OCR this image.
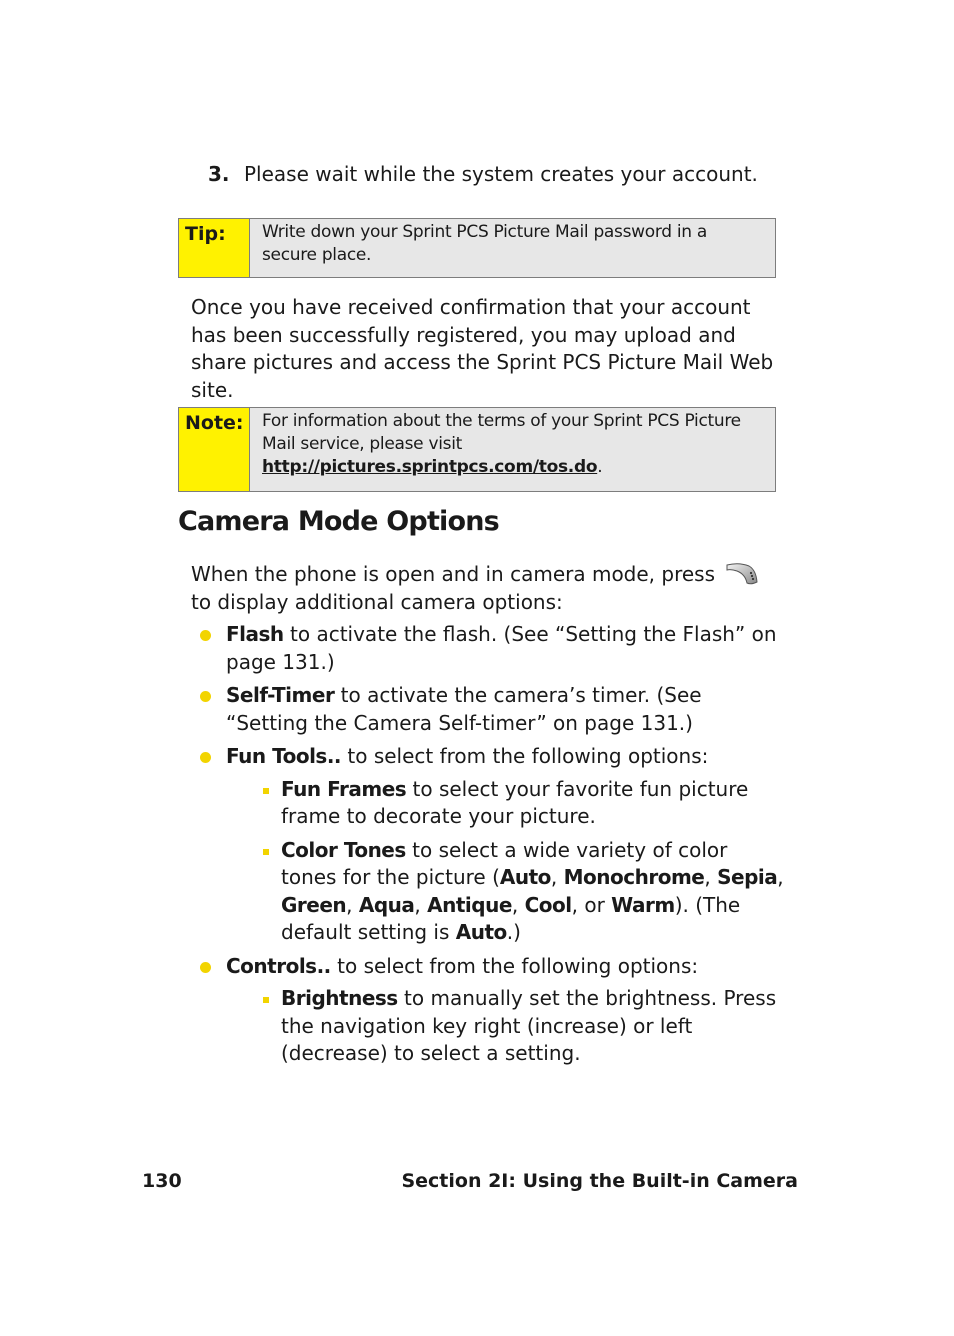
3. Please wait while the system creates your account.
Tip:	Write down your Sprint PCS Picture Mail password in a secure place.
Once you have received confirmation that your account has been successfully registered, you may upload and share pictures and access the Sprint PCS Picture Mail Web site.
Note:	For information about the terms of your Sprint PCS Picture Mail service, please visit http://pictures.sprintpcs.com/tos.do.
Camera Mode Options
When the phone is open and in camera mode, press  to display additional camera options:
Flash to activate the flash. (See “Setting the Flash” on page 131.)
Self-Timer to activate the camera’s timer. (See “Setting the Camera Self-timer” on page 131.)
Fun Tools.. to select from the following options:
Fun Frames to select your favorite fun picture frame to decorate your picture.
Color Tones to select a wide variety of color tones for the picture (Auto, Monochrome, Sepia, Green, Aqua, Antique, Cool, or Warm). (The default setting is Auto.)
Controls.. to select from the following options:
Brightness to manually set the brightness. Press the navigation key right (increase) or left (decrease) to select a setting.
130	Section 2I: Using the Built-in Camera
